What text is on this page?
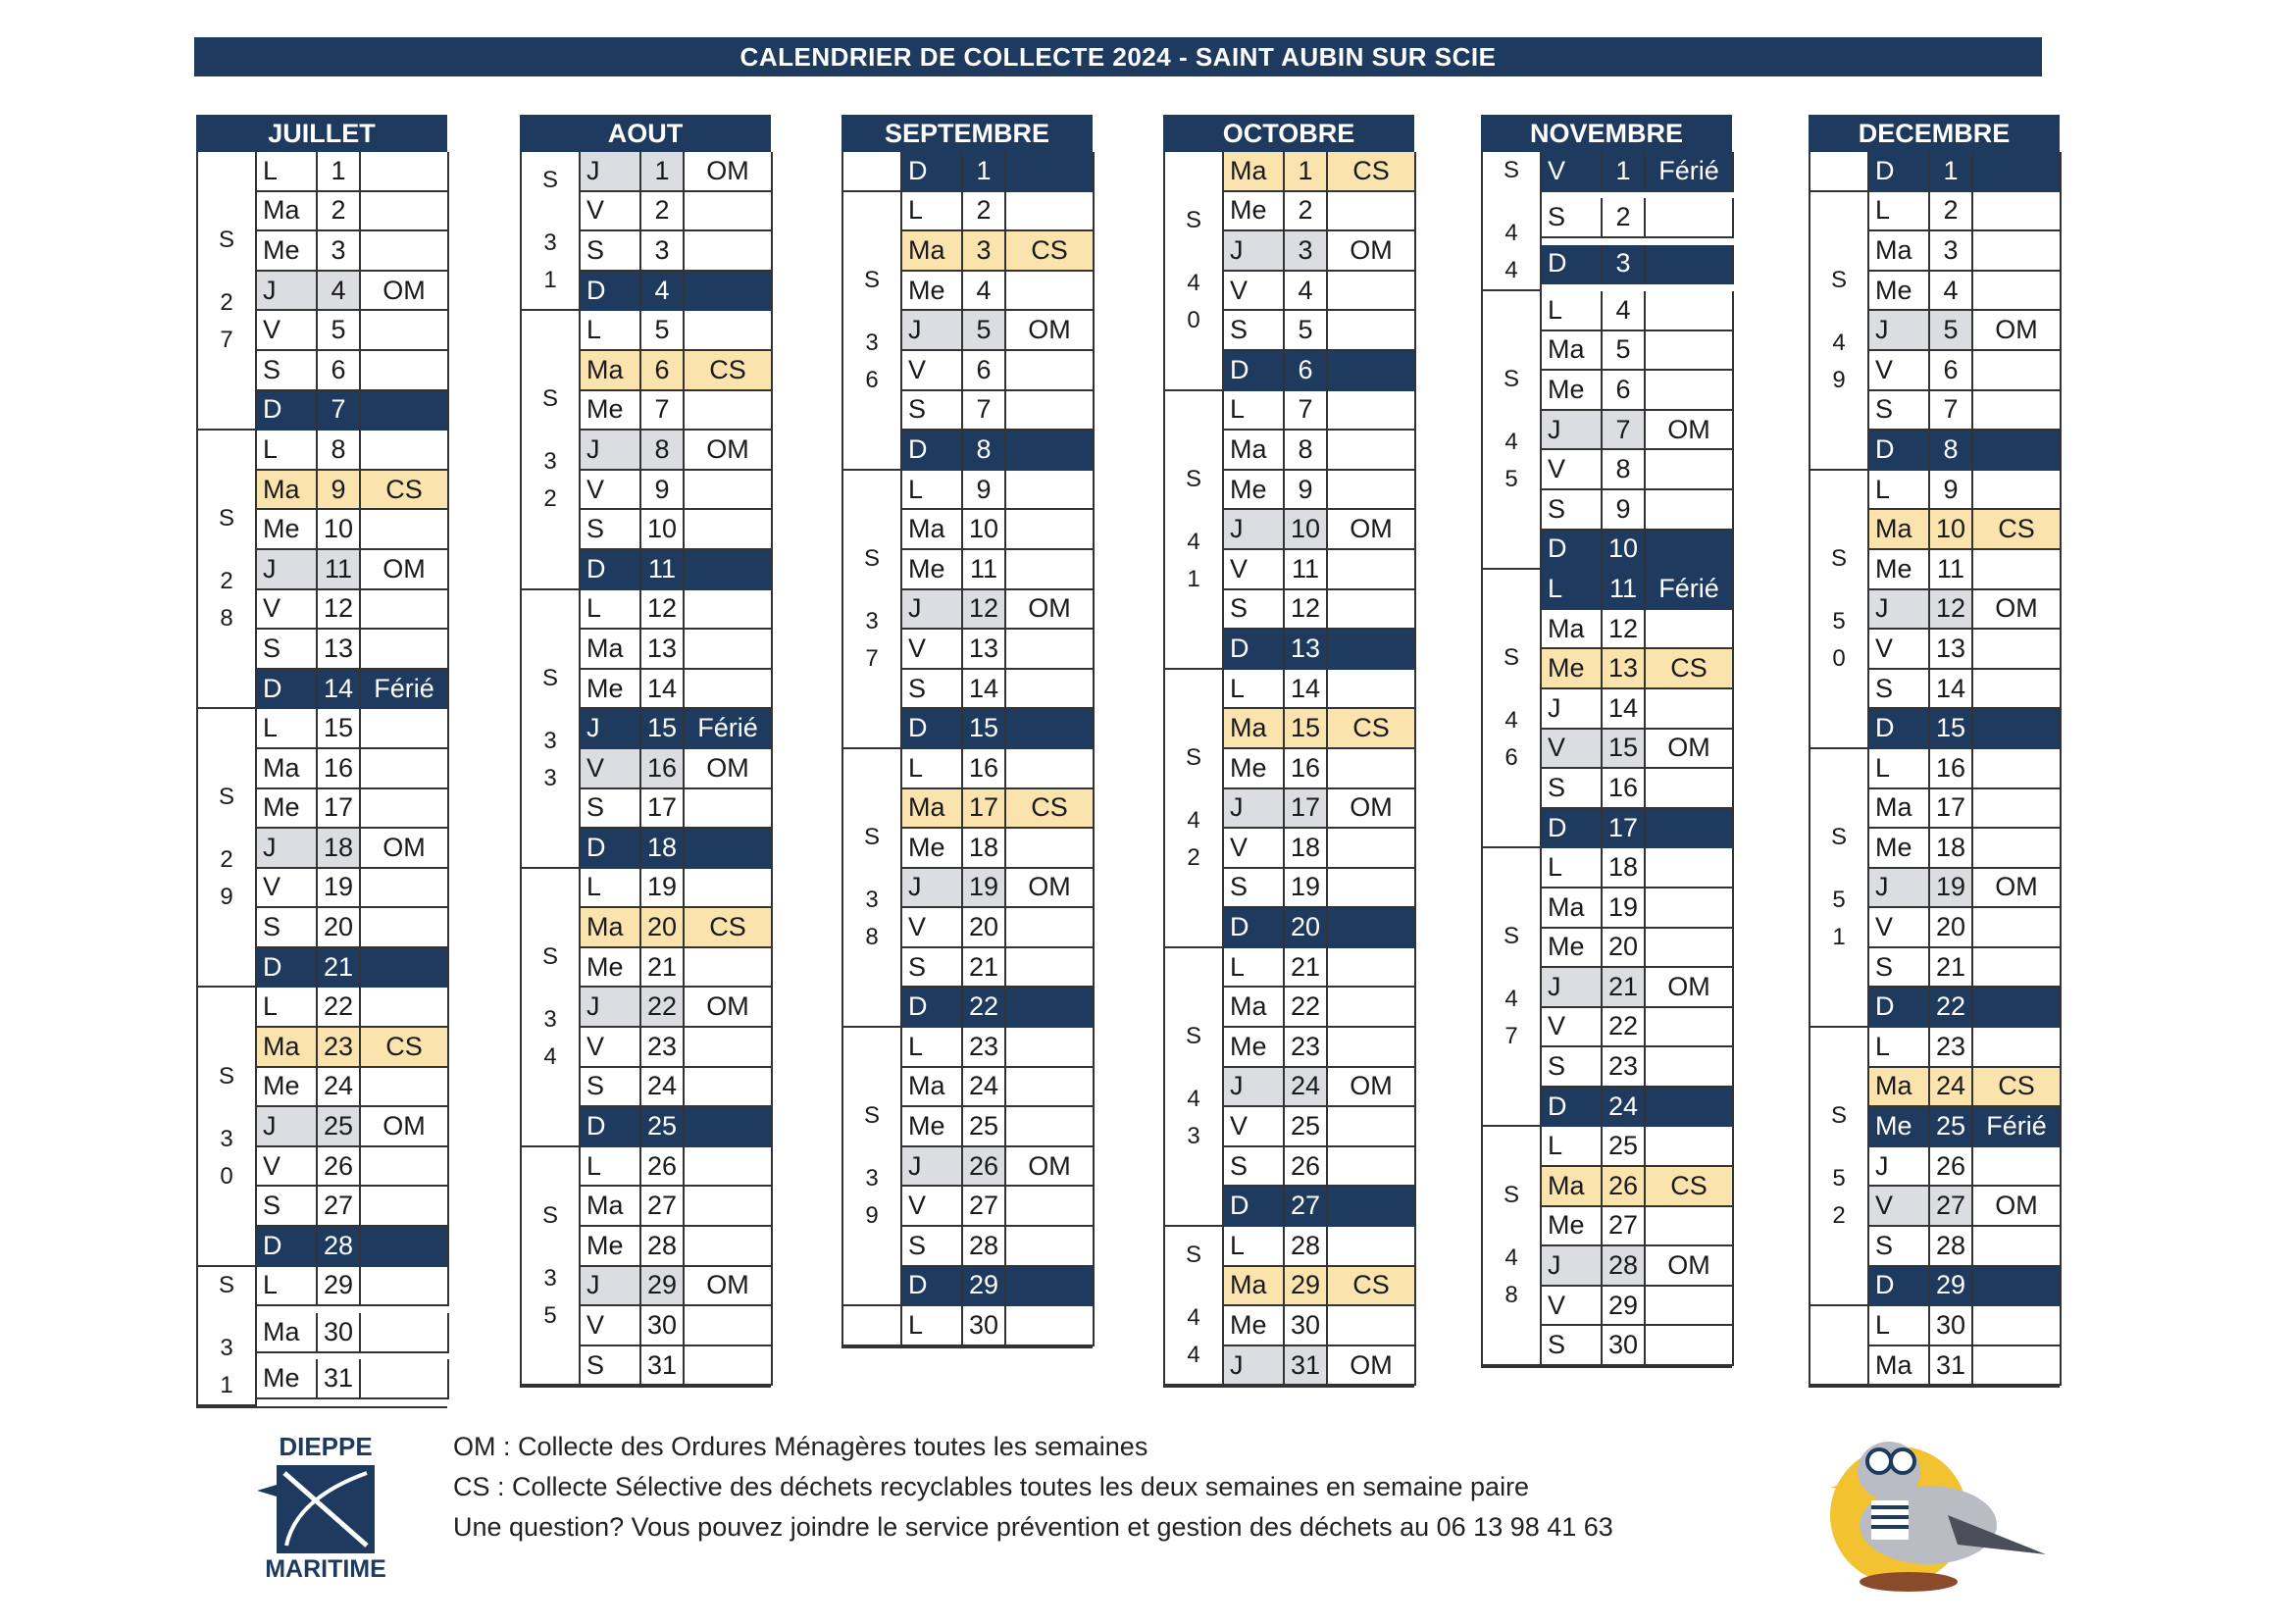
CALENDRIER DE COLLECTE 2024 - SAINT AUBIN SUR SCIE
JUILLET
S
2
7
L	1
Ma	2
Me	3
J	4	OM
V	5
S	6
D	7
S
2
8
L	8
Ma	9	CS
Me 10
J	11	OM
V	12
S	13
D	14 Férié
S
2
9
L	15
Ma 16
Me 17
J	18	OM
V	19
S	20
D	21
S
3
0
L	22
Ma 23	CS
Me 24
J	25	OM
V	26
S	27
D	28
S
3
1
L	29
Ma 30
Me 31
AOUT
S
3
1
J	1	OM
V	2
S	3
D	4
S
3
2
L	5
Ma	6	CS
Me	7
J	8	OM
V	9
S	10
D	11
S
3
3
L	12
Ma 13
Me 14
J	15 Férié
V	16	OM
S	17
D	18
S
3
4
L	19
Ma 20	CS
Me 21
J	22	OM
V	23
S	24
D	25
S
3
5
L	26
Ma 27
Me 28
J	29	OM
V	30
S	31
SEPTEMBRE
D	1
S
3
6
L	2
Ma	3	CS
Me	4
J	5	OM
V	6
S	7
D	8
S
3
7
L	9
Ma 10
Me 11
J	12	OM
V	13
S	14
D	15
S
3
8
L	16
Ma 17	CS
Me 18
J	19	OM
V	20
S	21
D	22
S
3
9
L	23
Ma 24
Me 25
J	26	OM
V	27
S	28
D	29
L	30
OCTOBRE
S
4
0
Ma	1	CS
Me	2
J	3	OM
V	4
S	5
D	6
S
4
1
L	7
Ma	8
Me	9
J	10	OM
V	11
S	12
D	13
S
4
2
L	14
Ma 15	CS
Me 16
J	17	OM
V	18
S	19
D	20
S
4
3
L	21
Ma 22
Me 23
J	24	OM
V	25
S	26
D	27
S
4
4
L	28
Ma 29	CS
Me 30
J	31	OM
NOVEMBRE
S
4
4
V	1	Férié
S	2
D	3
S
4
5
L	4
Ma	5
Me	6
J	7	OM
V	8
S	9
D	10
S
4
6
L	11 Férié
Ma 12
Me 13	CS
J	14
V	15	OM
S	16
D	17
S
4
7
L	18
Ma 19
Me 20
J	21	OM
V	22
S	23
D	24
S
4
8
L	25
Ma 26	CS
Me 27
J	28	OM
V	29
S	30
DECEMBRE
D	1
S
4
9
L	2
Ma	3
Me	4
J	5	OM
V	6
S	7
D	8
S
5
0
L	9
Ma 10	CS
Me 11
J	12	OM
V	13
S	14
D	15
S
5
1
L	16
Ma 17
Me 18
J	19	OM
V	20
S	21
D	22
S
5
2
L	23
Ma 24	CS
Me 25 Férié
J	26
V	27	OM
S	28
D	29
L	30
Ma 31
DIEPPE
MARITIME
OM : Collecte des Ordures Ménagères toutes les semaines
CS : Collecte Sélective des déchets recyclables toutes les deux semaines en semaine paire
Une question? Vous pouvez joindre le service prévention et gestion des déchets au 06 13 98 41 63
